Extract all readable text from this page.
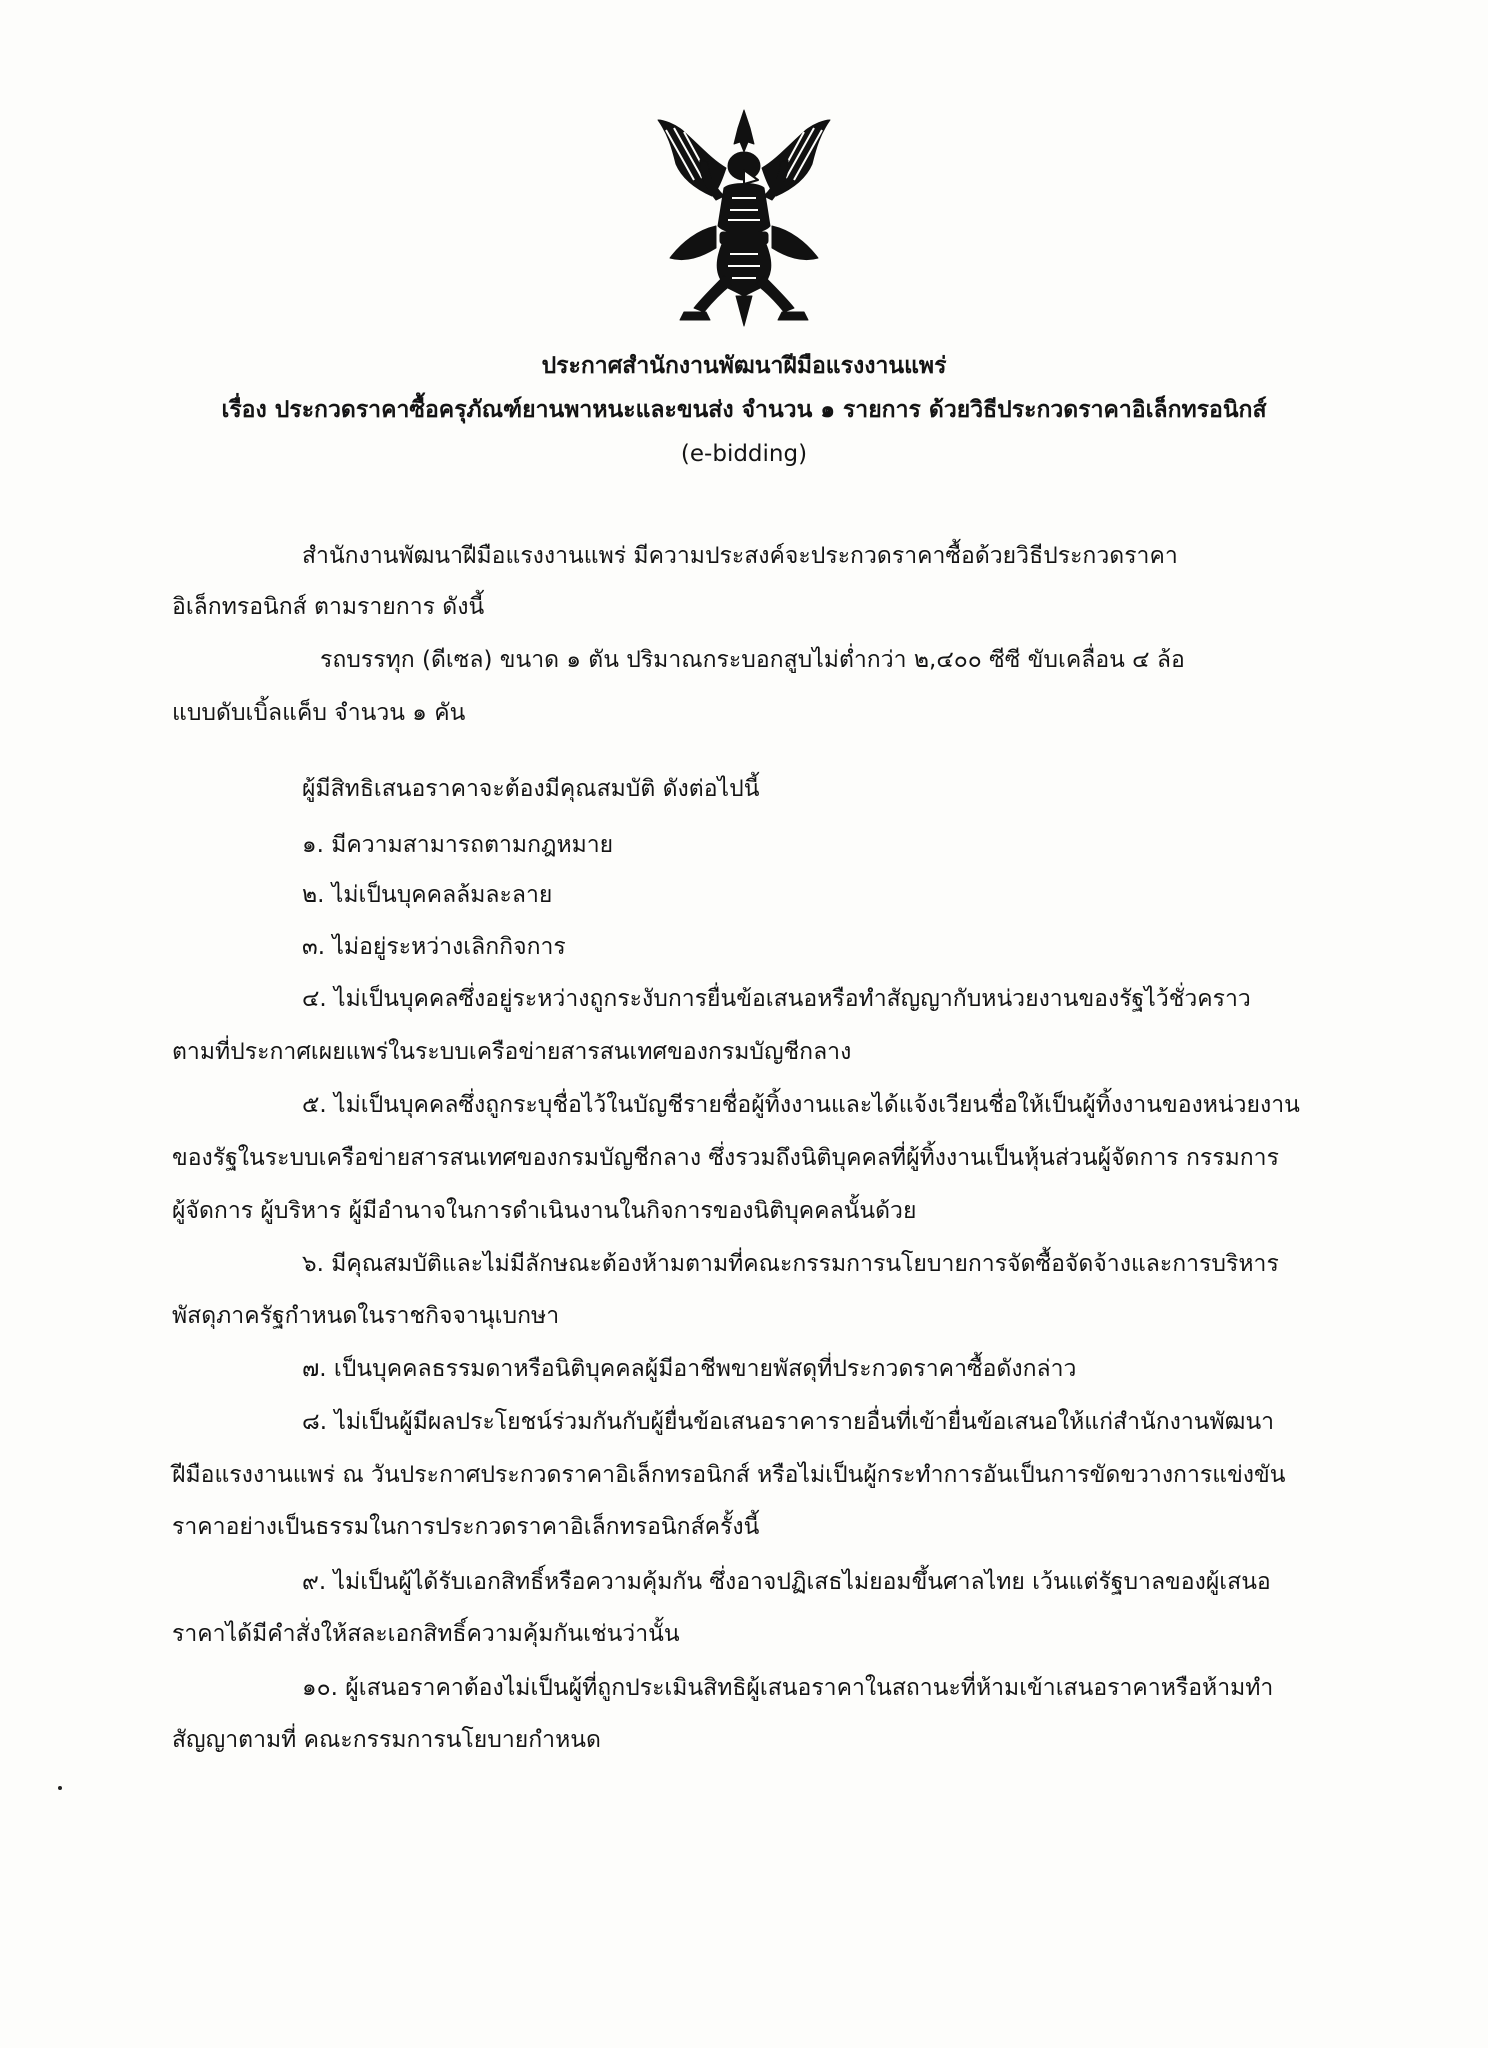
ประกาศสำนักงานพัฒนาฝีมือแรงงานแพร่
เรื่อง ประกวดราคาซื้อครุภัณฑ์ยานพาหนะและขนส่ง จำนวน ๑ รายการ ด้วยวิธีประกวดราคาอิเล็กทรอนิกส์
(e-bidding)
สำนักงานพัฒนาฝีมือแรงงานแพร่ มีความประสงค์จะประกวดราคาซื้อด้วยวิธีประกวดราคา
อิเล็กทรอนิกส์ ตามรายการ ดังนี้
รถบรรทุก (ดีเซล) ขนาด ๑ ตัน ปริมาณกระบอกสูบไม่ต่ำกว่า ๒,๔๐๐ ซีซี ขับเคลื่อน ๔ ล้อ
แบบดับเบิ้ลแค็บ จำนวน ๑ คัน
ผู้มีสิทธิเสนอราคาจะต้องมีคุณสมบัติ ดังต่อไปนี้
๑. มีความสามารถตามกฎหมาย
๒. ไม่เป็นบุคคลล้มละลาย
๓. ไม่อยู่ระหว่างเลิกกิจการ
๔. ไม่เป็นบุคคลซึ่งอยู่ระหว่างถูกระงับการยื่นข้อเสนอหรือทำสัญญากับหน่วยงานของรัฐไว้ชั่วคราว
ตามที่ประกาศเผยแพร่ในระบบเครือข่ายสารสนเทศของกรมบัญชีกลาง
๕. ไม่เป็นบุคคลซึ่งถูกระบุชื่อไว้ในบัญชีรายชื่อผู้ทิ้งงานและได้แจ้งเวียนชื่อให้เป็นผู้ทิ้งงานของหน่วยงาน
ของรัฐในระบบเครือข่ายสารสนเทศของกรมบัญชีกลาง ซึ่งรวมถึงนิติบุคคลที่ผู้ทิ้งงานเป็นหุ้นส่วนผู้จัดการ กรรมการ
ผู้จัดการ ผู้บริหาร ผู้มีอำนาจในการดำเนินงานในกิจการของนิติบุคคลนั้นด้วย
๖. มีคุณสมบัติและไม่มีลักษณะต้องห้ามตามที่คณะกรรมการนโยบายการจัดซื้อจัดจ้างและการบริหาร
พัสดุภาครัฐกำหนดในราชกิจจานุเบกษา
๗. เป็นบุคคลธรรมดาหรือนิติบุคคลผู้มีอาชีพขายพัสดุที่ประกวดราคาซื้อดังกล่าว
๘. ไม่เป็นผู้มีผลประโยชน์ร่วมกันกับผู้ยื่นข้อเสนอราคารายอื่นที่เข้ายื่นข้อเสนอให้แก่สำนักงานพัฒนา
ฝีมือแรงงานแพร่ ณ วันประกาศประกวดราคาอิเล็กทรอนิกส์ หรือไม่เป็นผู้กระทำการอันเป็นการขัดขวางการแข่งขัน
ราคาอย่างเป็นธรรมในการประกวดราคาอิเล็กทรอนิกส์ครั้งนี้
๙. ไม่เป็นผู้ได้รับเอกสิทธิ์หรือความคุ้มกัน ซึ่งอาจปฏิเสธไม่ยอมขึ้นศาลไทย เว้นแต่รัฐบาลของผู้เสนอ
ราคาได้มีคำสั่งให้สละเอกสิทธิ์ความคุ้มกันเช่นว่านั้น
๑๐. ผู้เสนอราคาต้องไม่เป็นผู้ที่ถูกประเมินสิทธิผู้เสนอราคาในสถานะที่ห้ามเข้าเสนอราคาหรือห้ามทำ
สัญญาตามที่ คณะกรรมการนโยบายกำหนด
